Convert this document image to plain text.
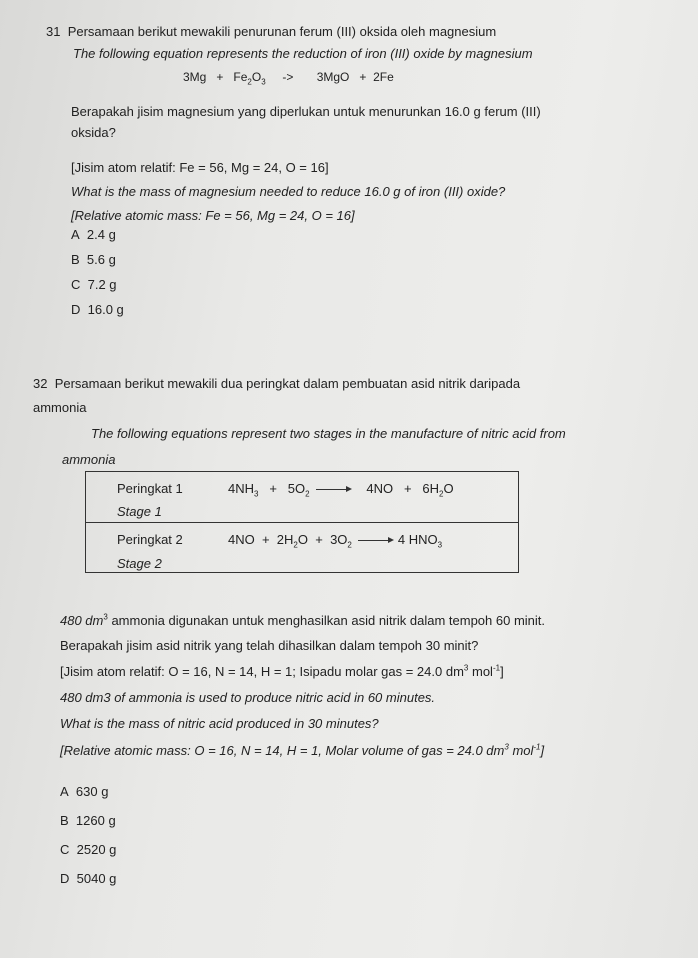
31 Persamaan berikut mewakili penurunan ferum (III) oksida oleh magnesium
The following equation represents the reduction of iron (III) oxide by magnesium
$3Mg + Fe_2O_3 -> 3MgO + 2Fe$
Berapakah jisim magnesium yang diperlukan untuk menurunkan 16.0 g ferum (III)
oksida?
[Jisim atom relatif: Fe = 56, Mg = 24, O = 16]
What is the mass of magnesium needed to reduce 16.0 g of iron (III) oxide?
[Relative atomic mass: Fe = 56, Mg = 24, O = 16]
A 2.4 g
B 5.6 g
C 7.2 g
D 16.0 g
32 Persamaan berikut mewakili dua peringkat dalam pembuatan asid nitrik daripada
ammonia
The following equations represent two stages in the manufacture of nitric acid from
ammonia
Peringkat 1	$4NH_3 + 5O_2 \to 4NO + 6H_2O$
Stage 1
Peringkat 2	$4NO + 2H_2O + 3O_2 \to 4$ $HNO_3$
Stage 2
480 $dm^3$ ammonia digunakan untuk menghasilkan asid nitrik dalam tempoh 60 minit.
Berapakah jisim asid nitrik yang telah dihasilkan dalam tempoh 30 minit?
[Jisim atom relatif: O = 16, N = 14, H = 1; Isipadu molar gas = 24.0 $dm^3$ mol$^{-1}$]
480 dm3 of ammonia is used to produce nitric acid in 60 minutes.
What is the mass of nitric acid produced in 30 minutes?
[Relative atomic mass: O = 16, N = 14, H = 1, Molar volume of gas = 24.0 $dm^3$ mol$^{-1}$]
A 630 g
B 1260 g
C 2520 g
D 5040 g
